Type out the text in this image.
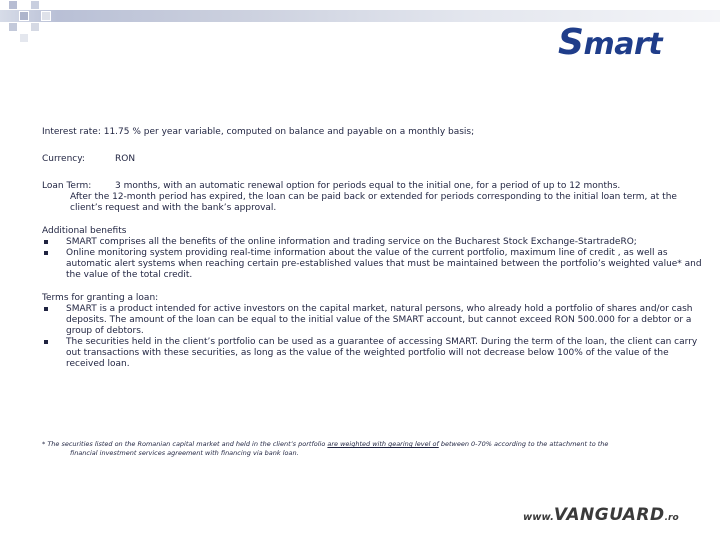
Smart
Interest rate:
11.75 % per year variable, computed on balance and payable on a monthly basis;
Currency:	RON
Loan Term:	3 months, with an automatic renewal option for periods equal to the initial one, for a period of up to 12 months.
After the 12-month period has expired, the loan can be paid back or extended for periods corresponding to the initial loan term, at the client’s request and with the bank’s approval.
Additional benefits
SMART comprises all the benefits of the online information and trading service on the Bucharest Stock Exchange-StartradeRO;
Online monitoring system providing real-time information about the value of the current portfolio, maximum line of credit , as well as automatic alert systems when reaching certain pre-established values that must be maintained between the portfolio’s weighted value* and the value of the total credit.
Terms for granting a loan:
SMART is a product intended for active investors on the capital market, natural persons, who already hold a portfolio of shares and/or cash deposits. The amount of the loan can be equal to the initial value of the SMART account, but cannot exceed RON 500.000 for a debtor or a group of debtors.
The securities held in the client’s portfolio can be used as a guarantee of accessing SMART. During the term of the loan, the client can carry out transactions with these securities, as long as the value of the weighted portfolio will not decrease below 100% of the value of the received loan.
* The securities listed on the Romanian capital market and held in the client’s portfolio are weighted with gearing level of between 0-70% according to the attachment to the
financial investment services agreement with financing via bank loan.
www.VANGUARD.ro
